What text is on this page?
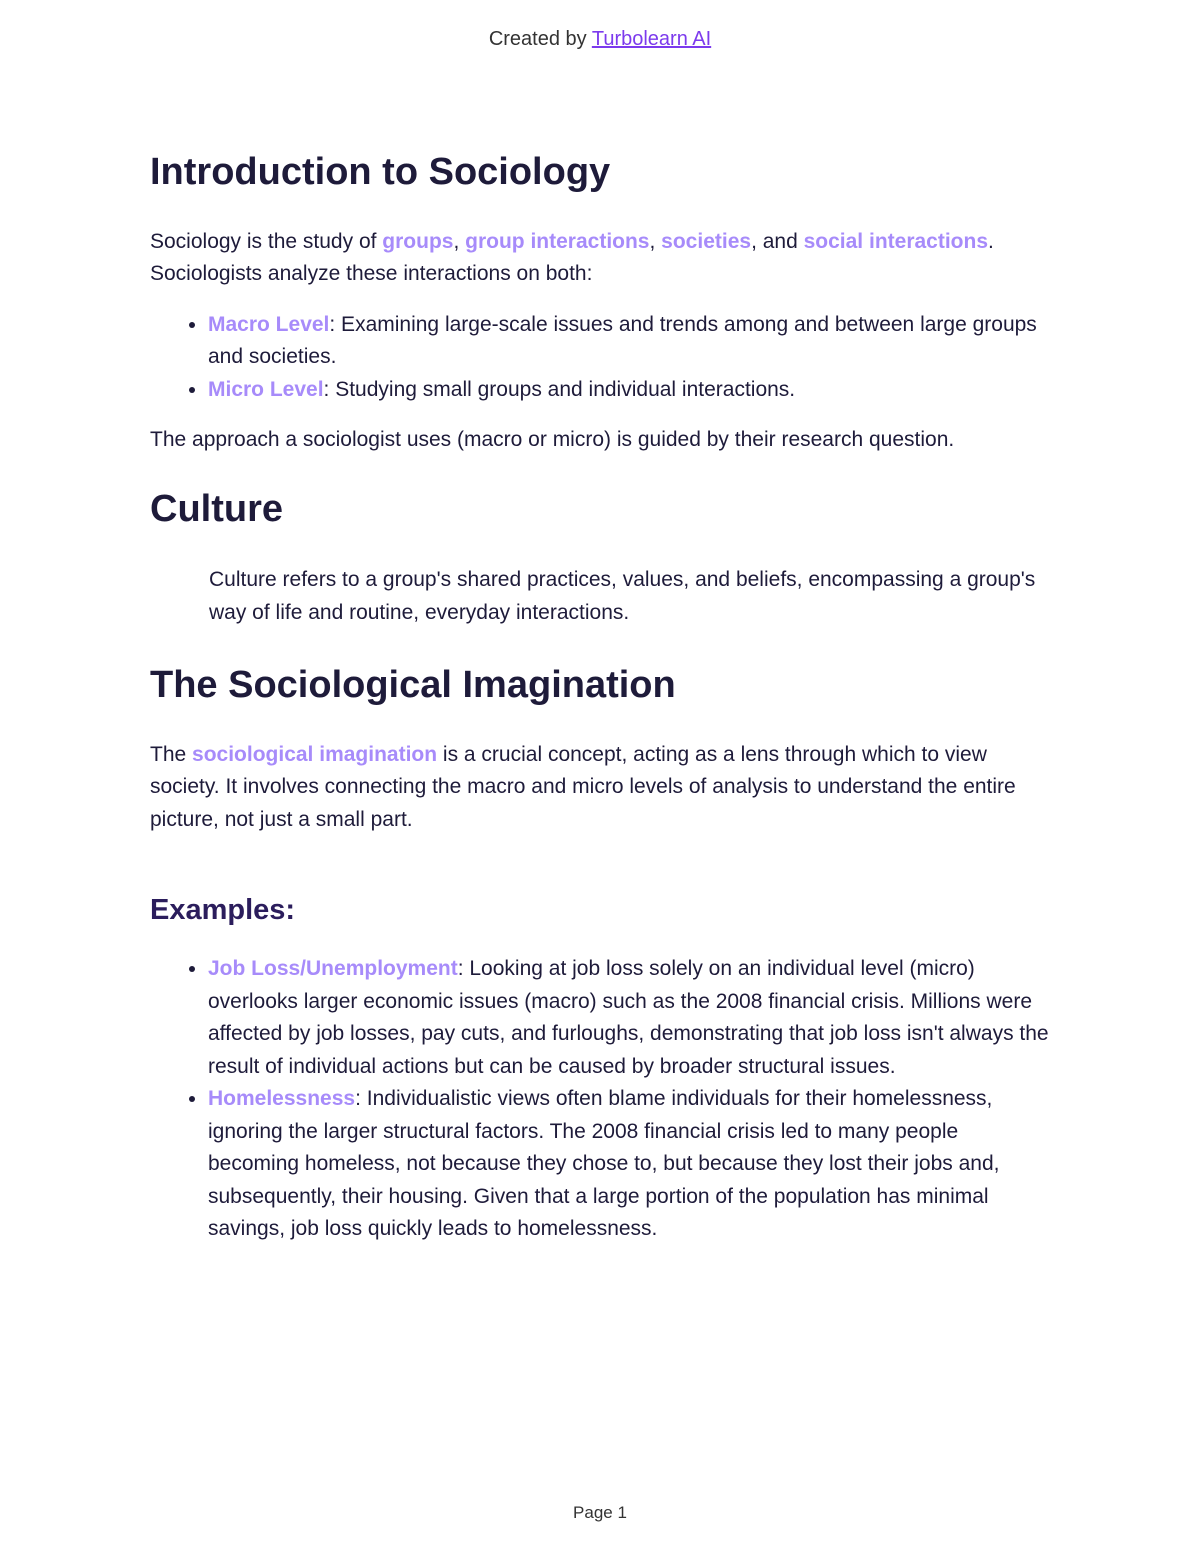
Created by Turbolearn AI
Introduction to Sociology

Sociology is the study of groups, group interactions, societies, and social interactions. Sociologists analyze these interactions on both:

• Macro Level: Examining large-scale issues and trends among and between large groups and societies.
• Micro Level: Studying small groups and individual interactions.

The approach a sociologist uses (macro or micro) is guided by their research question.

Culture

Culture refers to a group's shared practices, values, and beliefs, encompassing a group's way of life and routine, everyday interactions.

The Sociological Imagination

The sociological imagination is a crucial concept, acting as a lens through which to view society. It involves connecting the macro and micro levels of analysis to understand the entire picture, not just a small part.

Examples:
• Job Loss/Unemployment: Looking at job loss solely on an individual level (micro) overlooks larger economic issues (macro) such as the 2008 financial crisis. Millions were affected by job losses, pay cuts, and furloughs, demonstrating that job loss isn't always the result of individual actions but can be caused by broader structural issues.
• Homelessness: Individualistic views often blame individuals for their homelessness, ignoring the larger structural factors. The 2008 financial crisis led to many people becoming homeless, not because they chose to, but because they lost their jobs and, subsequently, their housing. Given that a large portion of the population has minimal savings, job loss quickly leads to homelessness.
Page 1
